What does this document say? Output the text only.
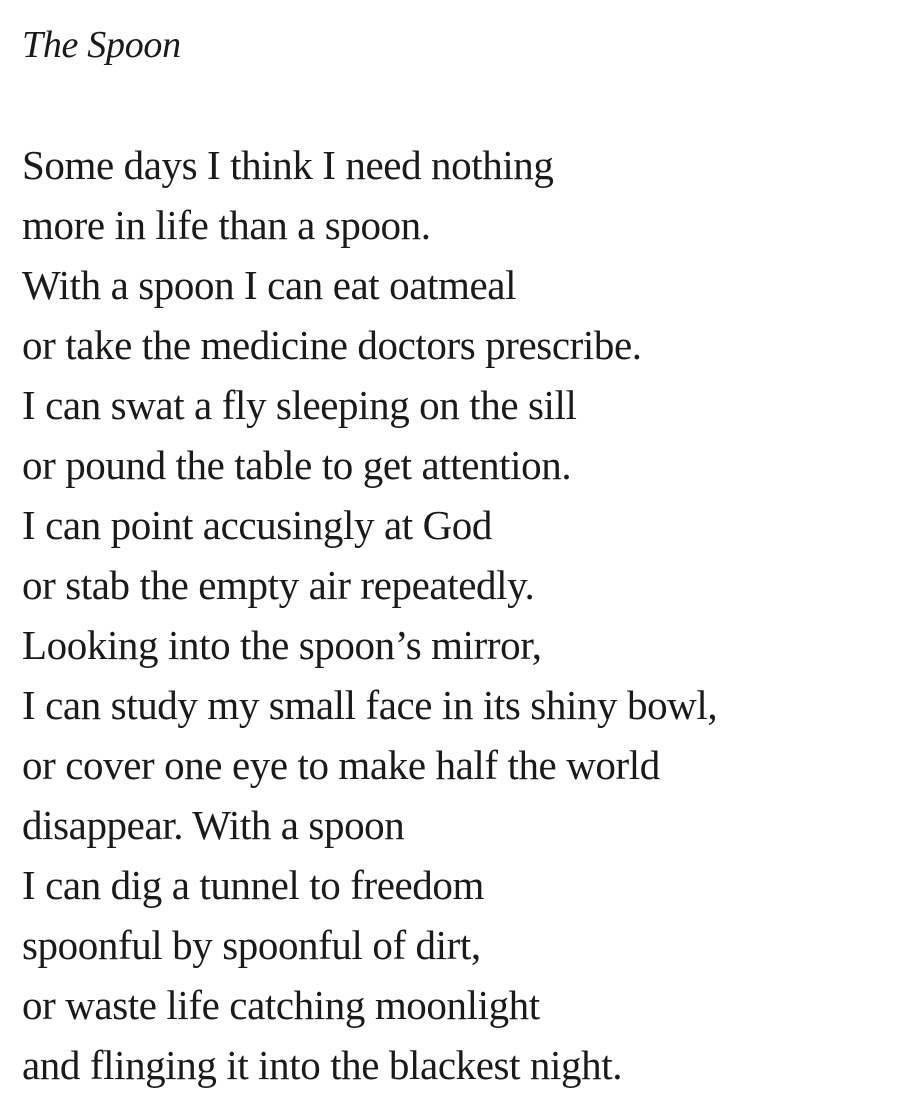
The Spoon
Some days I think I need nothing
more in life than a spoon.
With a spoon I can eat oatmeal
or take the medicine doctors prescribe.
I can swat a fly sleeping on the sill
or pound the table to get attention.
I can point accusingly at God
or stab the empty air repeatedly.
Looking into the spoon’s mirror,
I can study my small face in its shiny bowl,
or cover one eye to make half the world
disappear. With a spoon
I can dig a tunnel to freedom
spoonful by spoonful of dirt,
or waste life catching moonlight
and flinging it into the blackest night.
